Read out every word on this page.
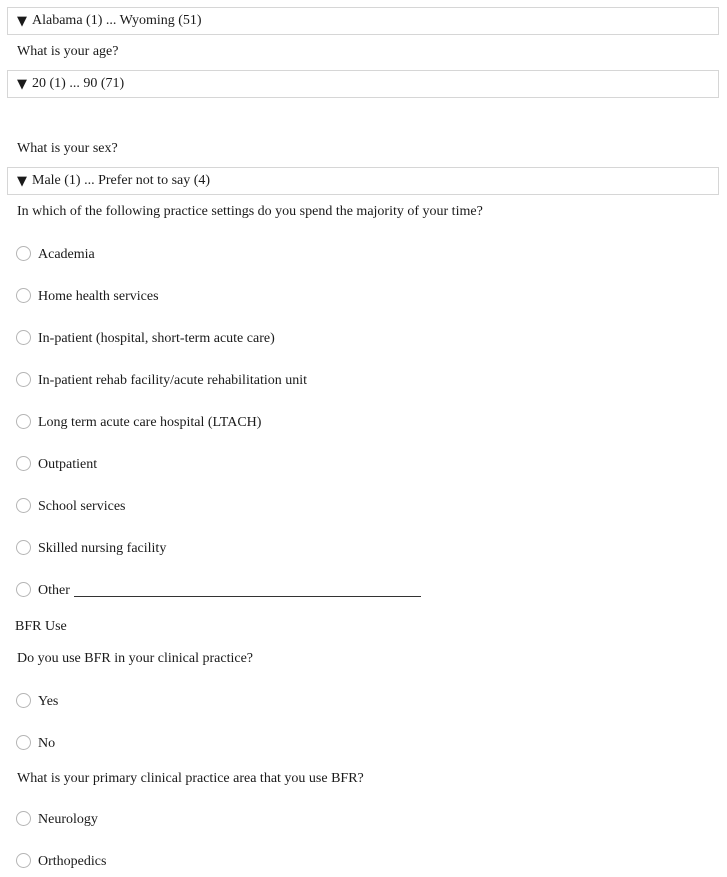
▼ Alabama (1) ... Wyoming (51)
What is your age?
▼ 20 (1) ... 90 (71)
What is your sex?
▼ Male (1) ... Prefer not to say (4)
In which of the following practice settings do you spend the majority of your time?
Academia
Home health services
In-patient (hospital, short-term acute care)
In-patient rehab facility/acute rehabilitation unit
Long term acute care hospital (LTACH)
Outpatient
School services
Skilled nursing facility
Other
BFR Use
Do you use BFR in your clinical practice?
Yes
No
What is your primary clinical practice area that you use BFR?
Neurology
Orthopedics
